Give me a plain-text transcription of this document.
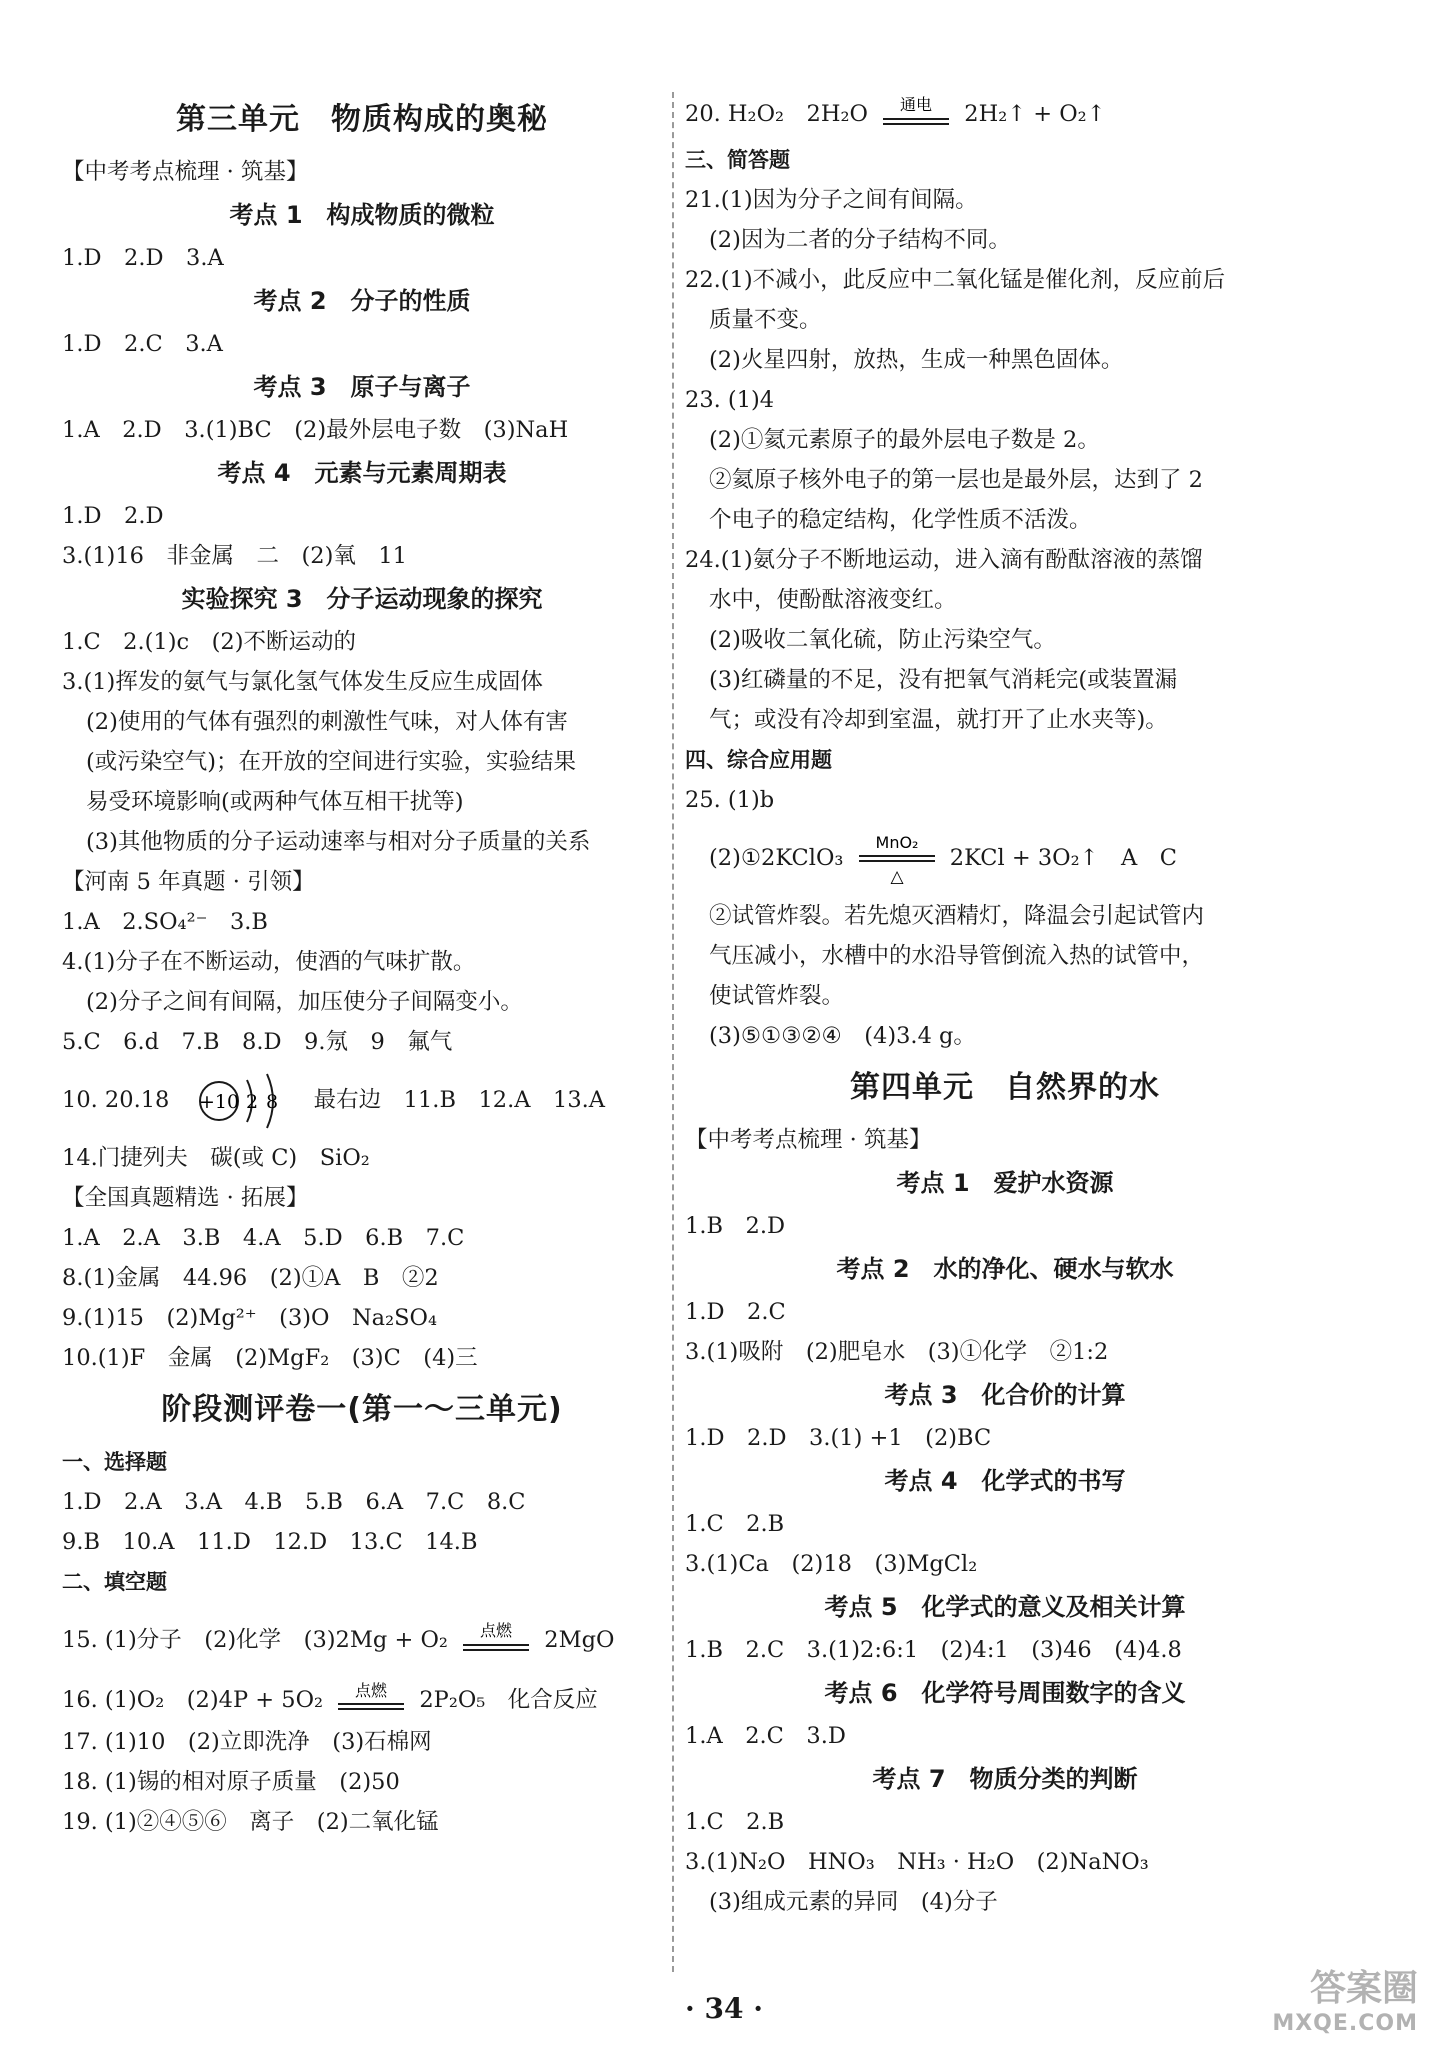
第三单元　物质构成的奥秘
【中考考点梳理 · 筑基】
考点 1　构成物质的微粒
1.D　2.D　3.A
考点 2　分子的性质
1.D　2.C　3.A
考点 3　原子与离子
1.A　2.D　3.(1)BC　(2)最外层电子数　(3)NaH
考点 4　元素与元素周期表
1.D　2.D
3.(1)16　非金属　二　(2)氧　11
实验探究 3　分子运动现象的探究
1.C　2.(1)c　(2)不断运动的
3.(1)挥发的氨气与氯化氢气体发生反应生成固体
(2)使用的气体有强烈的刺激性气味，对人体有害
(或污染空气)；在开放的空间进行实验，实验结果
易受环境影响(或两种气体互相干扰等)
(3)其他物质的分子运动速率与相对分子质量的关系
【河南 5 年真题 · 引领】
1.A　2.SO₄²⁻　3.B
4.(1)分子在不断运动，使酒的气味扩散。
(2)分子之间有间隔，加压使分子间隔变小。
5.C　6.d　7.B　8.D　9.氖　9　氟气
10. 20.18 +10 2 8 最右边　11.B　12.A　13.A
14.门捷列夫　碳(或 C)　SiO₂
【全国真题精选 · 拓展】
1.A　2.A　3.B　4.A　5.D　6.B　7.C
8.(1)金属　44.96　(2)①A　B　②2
9.(1)15　(2)Mg²⁺　(3)O　Na₂SO₄
10.(1)F　金属　(2)MgF₂　(3)C　(4)三
阶段测评卷一(第一～三单元)
一、选择题
1.D　2.A　3.A　4.B　5.B　6.A　7.C　8.C
9.B　10.A　11.D　12.D　13.C　14.B
二、填空题
15. (1)分子　(2)化学　(3)2Mg + O₂ 点燃 2MgO
16. (1)O₂　(2)4P + 5O₂ 点燃 2P₂O₅　化合反应
17. (1)10　(2)立即洗净　(3)石棉网
18. (1)锡的相对原子质量　(2)50
19. (1)②④⑤⑥　离子　(2)二氧化锰
20. H₂O₂　2H₂O 通电 2H₂↑ + O₂↑
三、简答题
21.(1)因为分子之间有间隔。
(2)因为二者的分子结构不同。
22.(1)不减小，此反应中二氧化锰是催化剂，反应前后
质量不变。
(2)火星四射，放热，生成一种黑色固体。
23. (1)4
(2)①氦元素原子的最外层电子数是 2。
②氦原子核外电子的第一层也是最外层，达到了 2
个电子的稳定结构，化学性质不活泼。
24.(1)氨分子不断地运动，进入滴有酚酞溶液的蒸馏
水中，使酚酞溶液变红。
(2)吸收二氧化硫，防止污染空气。
(3)红磷量的不足，没有把氧气消耗完(或装置漏
气；或没有冷却到室温，就打开了止水夹等)。
四、综合应用题
25. (1)b
(2)①2KClO₃
MnO₂
△
2KCl + 3O₂↑　A　C
②试管炸裂。若先熄灭酒精灯，降温会引起试管内
气压减小，水槽中的水沿导管倒流入热的试管中，
使试管炸裂。
(3)⑤①③②④　(4)3.4 g。
第四单元　自然界的水
【中考考点梳理 · 筑基】
考点 1　爱护水资源
1.B　2.D
考点 2　水的净化、硬水与软水
1.D　2.C
3.(1)吸附　(2)肥皂水　(3)①化学　②1:2
考点 3　化合价的计算
1.D　2.D　3.(1) +1　(2)BC
考点 4　化学式的书写
1.C　2.B
3.(1)Ca　(2)18　(3)MgCl₂
考点 5　化学式的意义及相关计算
1.B　2.C　3.(1)2:6:1　(2)4:1　(3)46　(4)4.8
考点 6　化学符号周围数字的含义
1.A　2.C　3.D
考点 7　物质分类的判断
1.C　2.B
3.(1)N₂O　HNO₃　NH₃ · H₂O　(2)NaNO₃
(3)组成元素的异同　(4)分子
· 34 ·	答案圈
MXQE.COM
